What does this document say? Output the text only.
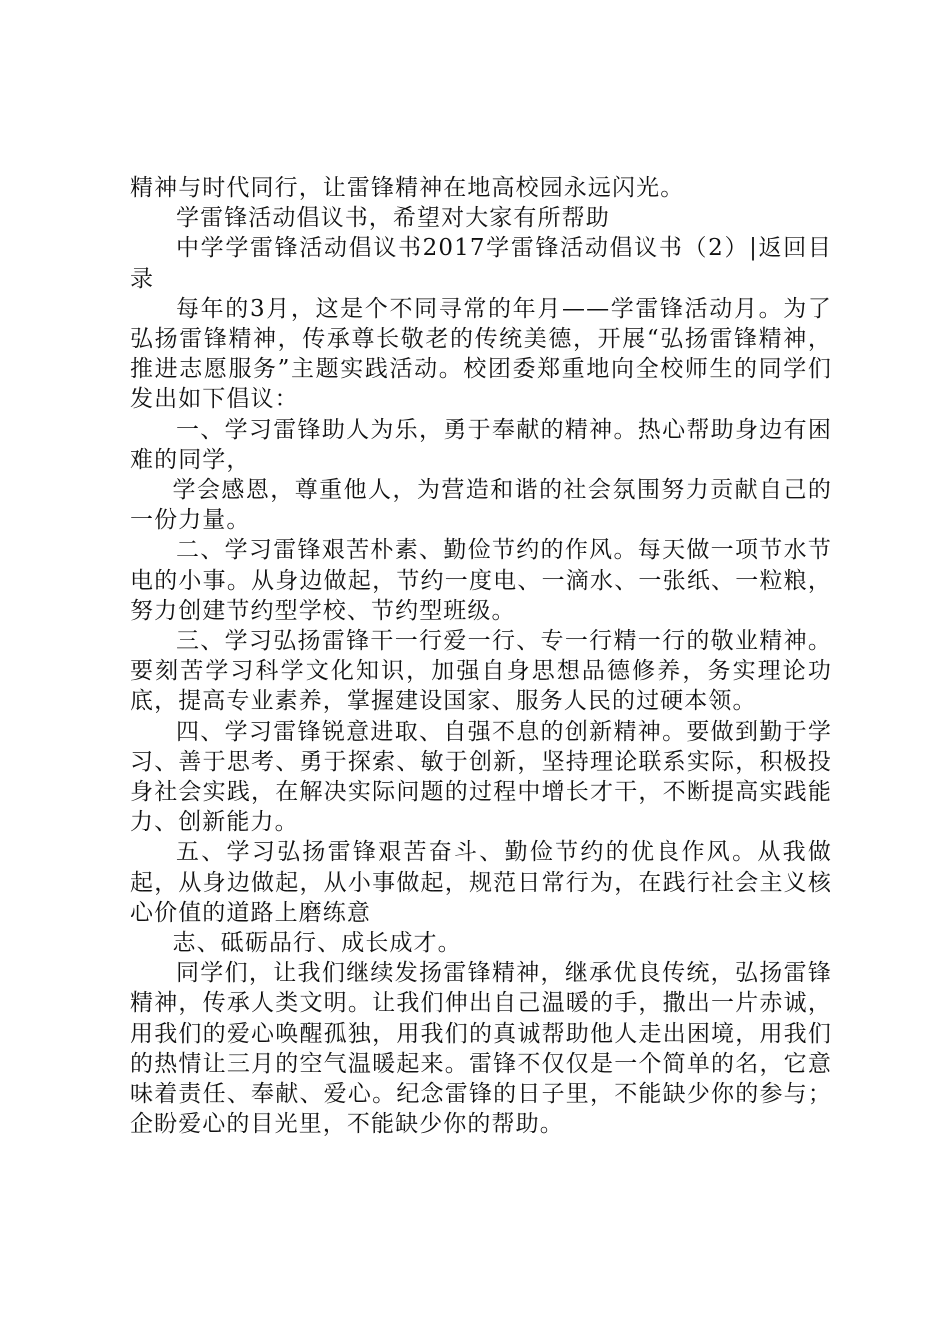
精神与时代同行，让雷锋精神在地高校园永远闪光。

学雷锋活动倡议书，希望对大家有所帮助

中学学雷锋活动倡议书2017学雷锋活动倡议书（2）|返回目录

每年的3月，这是个不同寻常的年月——学雷锋活动月。为了弘扬雷锋精神，传承尊长敬老的传统美德，开展“弘扬雷锋精神，推进志愿服务”主题实践活动。校团委郑重地向全校师生的同学们发出如下倡议：

一、学习雷锋助人为乐，勇于奉献的精神。热心帮助身边有困难的同学，

学会感恩，尊重他人，为营造和谐的社会氛围努力贡献自己的一份力量。

二、学习雷锋艰苦朴素、勤俭节约的作风。每天做一项节水节电的小事。从身边做起，节约一度电、一滴水、一张纸、一粒粮，努力创建节约型学校、节约型班级。

三、学习弘扬雷锋干一行爱一行、专一行精一行的敬业精神。要刻苦学习科学文化知识，加强自身思想品德修养，务实理论功底，提高专业素养，掌握建设国家、服务人民的过硬本领。

四、学习雷锋锐意进取、自强不息的创新精神。要做到勤于学习、善于思考、勇于探索、敏于创新，坚持理论联系实际，积极投身社会实践，在解决实际问题的过程中增长才干，不断提高实践能力、创新能力。

五、学习弘扬雷锋艰苦奋斗、勤俭节约的优良作风。从我做起，从身边做起，从小事做起，规范日常行为，在践行社会主义核心价值的道路上磨练意

志、砥砺品行、成长成才。

同学们，让我们继续发扬雷锋精神，继承优良传统，弘扬雷锋精神，传承人类文明。让我们伸出自己温暖的手，撒出一片赤诚，用我们的爱心唤醒孤独，用我们的真诚帮助他人走出困境，用我们的热情让三月的空气温暖起来。雷锋不仅仅是一个简单的名，它意味着责任、奉献、爱心。纪念雷锋的日子里，不能缺少你的参与；企盼爱心的目光里，不能缺少你的帮助。
